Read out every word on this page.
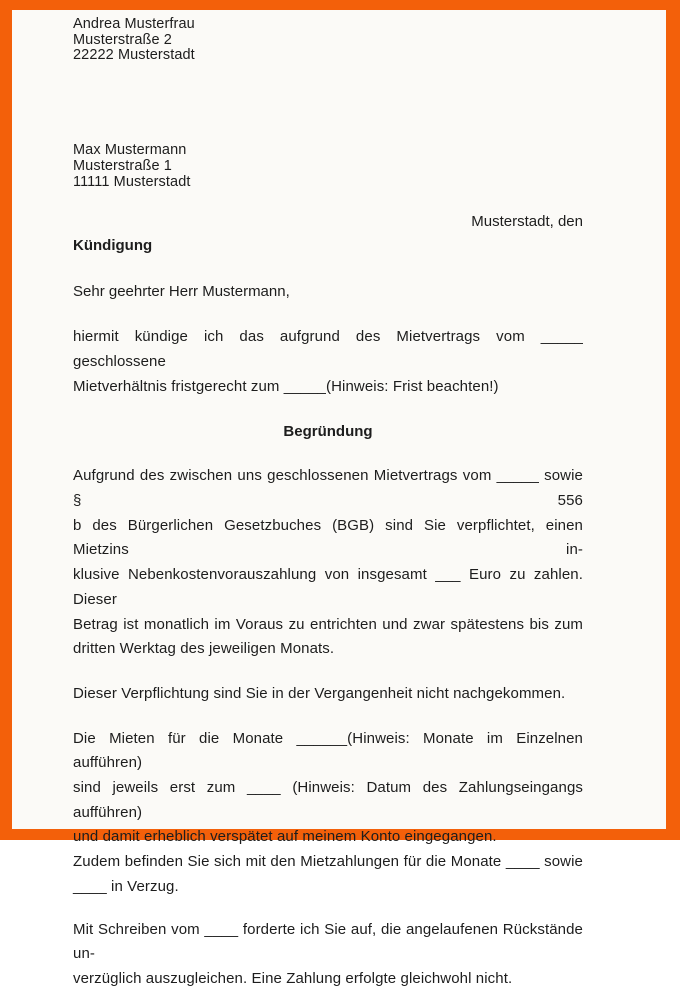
Andrea Musterfrau
Musterstraße 2
22222 Musterstadt
Max Mustermann
Musterstraße 1
11111 Musterstadt
Musterstadt, den
Kündigung
Sehr geehrter Herr Mustermann,
hiermit kündige ich das aufgrund des Mietvertrags vom _____ geschlossene
Mietverhältnis fristgerecht zum _____(Hinweis: Frist beachten!)
Begründung
Aufgrund des zwischen uns geschlossenen Mietvertrags vom _____ sowie § 556
b des Bürgerlichen Gesetzbuches (BGB) sind Sie verpflichtet, einen Mietzins in-
klusive Nebenkostenvorauszahlung von insgesamt ___ Euro zu zahlen. Dieser
Betrag ist monatlich im Voraus zu entrichten und zwar spätestens bis zum
dritten Werktag des jeweiligen Monats.
Dieser Verpflichtung sind Sie in der Vergangenheit nicht nachgekommen.
Die Mieten für die Monate ______(Hinweis: Monate im Einzelnen aufführen)
sind jeweils erst zum ____ (Hinweis: Datum des Zahlungseingangs aufführen)
und damit erheblich verspätet auf meinem Konto eingegangen.
Zudem befinden Sie sich mit den Mietzahlungen für die Monate ____ sowie
____ in Verzug.
Mit Schreiben vom ____ forderte ich Sie auf, die angelaufenen Rückstände un-
verzüglich auszugleichen. Eine Zahlung erfolgte gleichwohl nicht.
